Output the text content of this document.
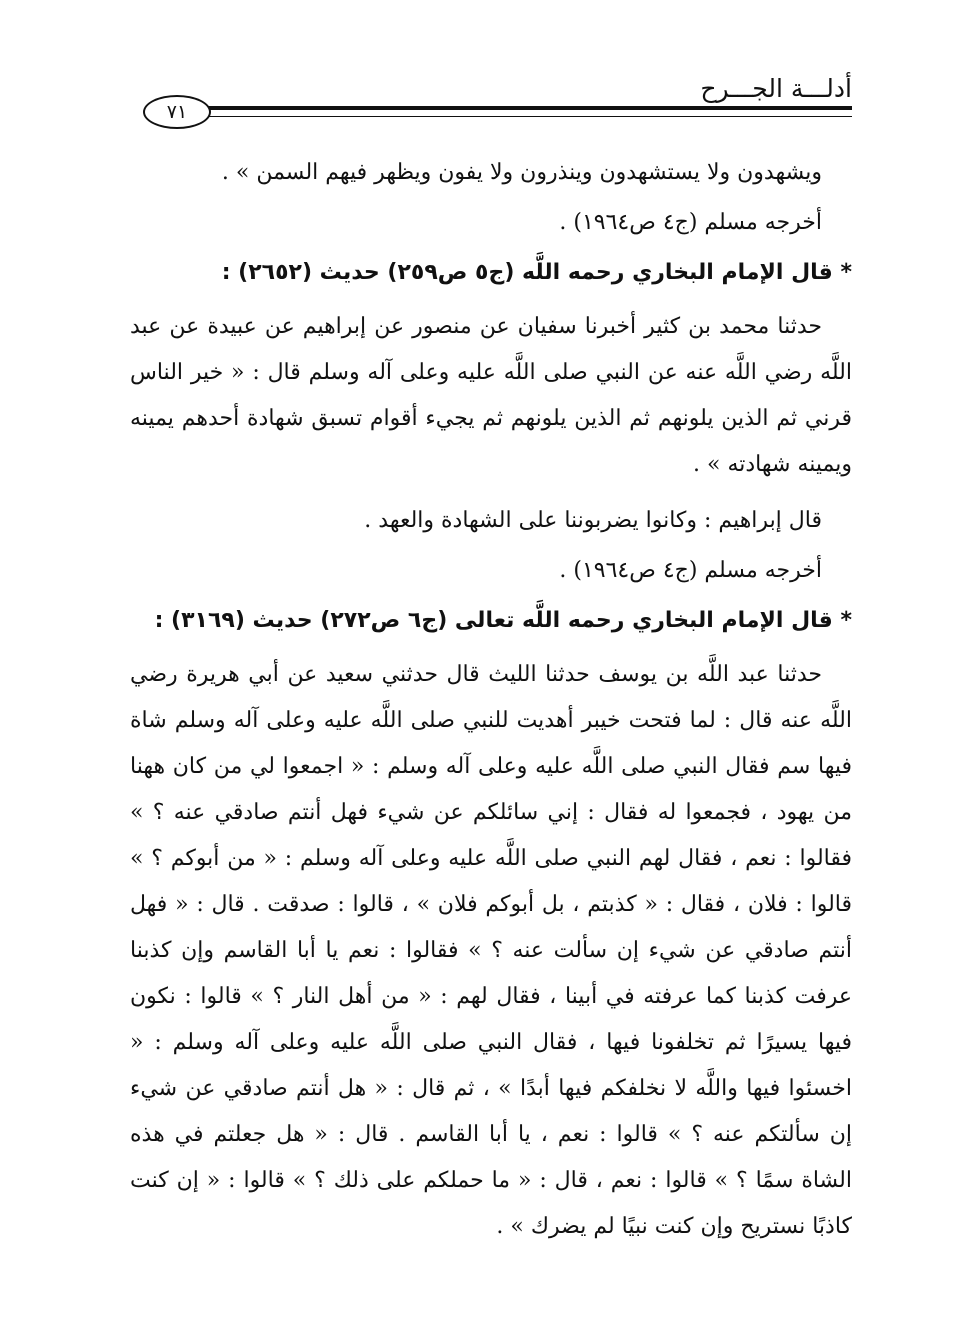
أدلـــة الجـــرح
٧١

ويشهدون ولا يستشهدون وينذرون ولا يفون ويظهر فيهم السمن » .

أخرجه مسلم (ج٤ ص١٩٦٤) .

* قال الإمام البخاري رحمه اللَّه (ج٥ ص٢٥٩) حديث (٢٦٥٢) :

حدثنا محمد بن كثير أخبرنا سفيان عن منصور عن إبراهيم عن عبيدة عن عبد اللَّه رضي اللَّه عنه عن النبي صلى اللَّه عليه وعلى آله وسلم قال : « خير الناس قرني ثم الذين يلونهم ثم الذين يلونهم ثم يجيء أقوام تسبق شهادة أحدهم يمينه ويمينه شهادته » .

قال إبراهيم : وكانوا يضربوننا على الشهادة والعهد .

أخرجه مسلم (ج٤ ص١٩٦٤) .

* قال الإمام البخاري رحمه اللَّه تعالى (ج٦ ص٢٧٢) حديث (٣١٦٩) :

حدثنا عبد اللَّه بن يوسف حدثنا الليث قال حدثني سعيد عن أبي هريرة رضي اللَّه عنه قال : لما فتحت خيبر أهديت للنبي صلى اللَّه عليه وعلى آله وسلم شاة فيها سم فقال النبي صلى اللَّه عليه وعلى آله وسلم : « اجمعوا لي من كان ههنا من يهود ، فجمعوا له فقال : إني سائلكم عن شيء فهل أنتم صادقي عنه ؟ » فقالوا : نعم ، فقال لهم النبي صلى اللَّه عليه وعلى آله وسلم : « من أبوكم ؟ » قالوا : فلان ، فقال : « كذبتم ، بل أبوكم فلان » ، قالوا : صدقت . قال : « فهل أنتم صادقي عن شيء إن سألت عنه ؟ » فقالوا : نعم يا أبا القاسم وإن كذبنا عرفت كذبنا كما عرفته في أبينا ، فقال لهم : « من أهل النار ؟ » قالوا : نكون فيها يسيرًا ثم تخلفونا فيها ، فقال النبي صلى اللَّه عليه وعلى آله وسلم : « اخسئوا فيها واللَّه لا نخلفكم فيها أبدًا » ، ثم قال : « هل أنتم صادقي عن شيء إن سألتكم عنه ؟ » قالوا : نعم ، يا أبا القاسم . قال : « هل جعلتم في هذه الشاة سمًا ؟ » قالوا : نعم ، قال : « ما حملكم على ذلك ؟ » قالوا : « إن كنت كاذبًا نستريح وإن كنت نبيًا لم يضرك » .
